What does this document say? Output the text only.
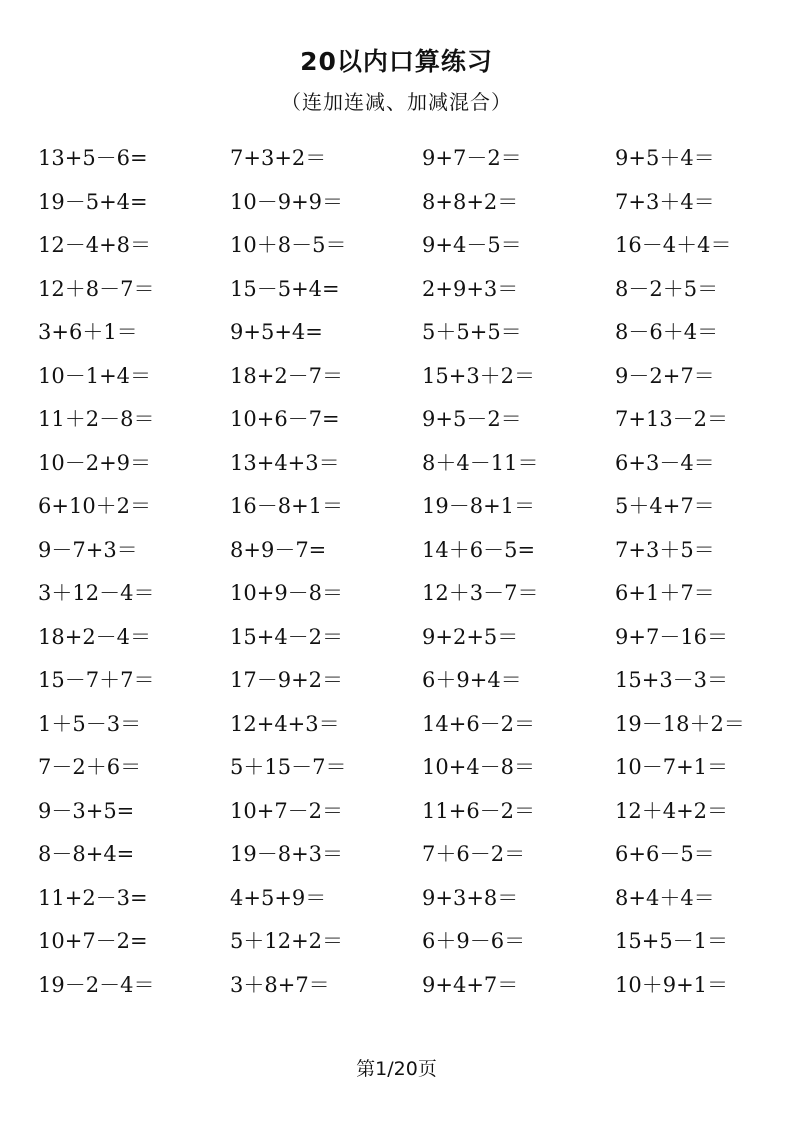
20以内口算练习
（连加连减、加减混合）
13+5－6=	7+3+2＝	9+7－2＝	9+5＋4＝
19－5+4=	10－9+9＝	8+8+2＝	7+3＋4＝
12－4+8＝	10＋8－5＝	9+4－5＝	16－4＋4＝
12＋8－7＝	15－5+4=	2+9+3＝	8－2＋5＝
3+6＋1＝	9+5+4=	5＋5+5＝	8－6＋4＝
10－1+4＝	18+2－7＝	15+3＋2＝	9－2+7＝
11＋2－8＝	10+6－7=	9+5－2＝	7+13－2＝
10－2+9＝	13+4+3＝	8＋4－11＝	6+3－4＝
6+10＋2＝	16－8+1＝	19－8+1＝	5＋4+7＝
9－7+3＝	8+9－7=	14＋6－5=	7+3＋5＝
3＋12－4＝	10+9－8＝	12＋3－7＝	6+1＋7＝
18+2－4＝	15+4－2＝	9+2+5＝	9+7－16＝
15－7＋7＝	17－9+2＝	6＋9+4＝	15+3－3＝
1＋5－3＝	12+4+3＝	14+6－2＝	19－18＋2＝
7－2＋6＝	5＋15－7＝	10+4－8＝	10－7+1＝
9－3+5=	10+7－2＝	11+6－2＝	12＋4+2＝
8－8+4=	19－8+3＝	7＋6－2＝	6+6－5＝
11+2－3=	4+5+9＝	9+3+8＝	8+4＋4＝
10+7－2=	5＋12+2＝	6＋9－6＝	15+5－1＝
19－2－4＝	3＋8+7＝	9+4+7＝	10＋9+1＝
第1/20页
